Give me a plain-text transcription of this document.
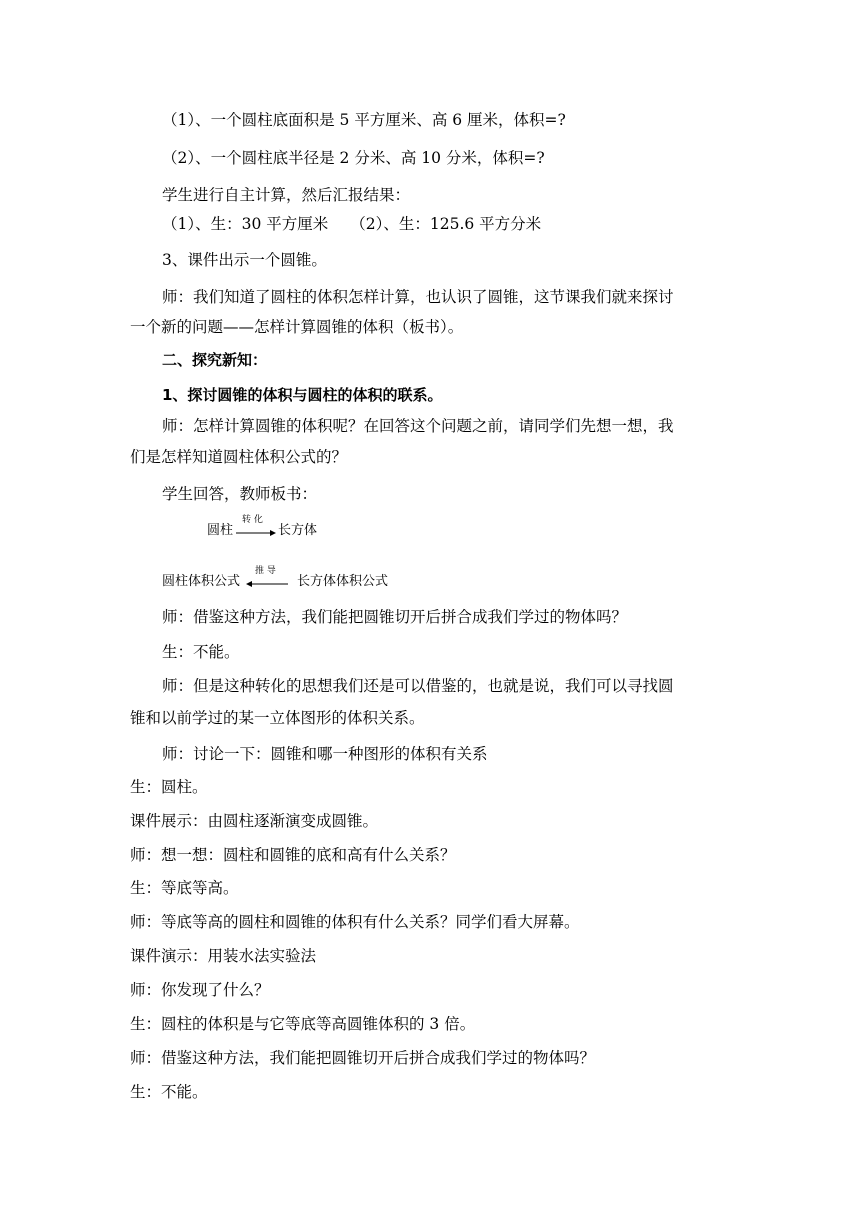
（1）、一个圆柱底面积是 5 平方厘米、高 6 厘米，体积=?
（2）、一个圆柱底半径是 2 分米、高 10 分米，体积=?
学生进行自主计算，然后汇报结果：
（1）、生：30 平方厘米 （2）、生：125.6 平方分米
3、课件出示一个圆锥。
师：我们知道了圆柱的体积怎样计算，也认识了圆锥，这节课我们就来探讨
一个新的问题——怎样计算圆锥的体积（板书）。
二、探究新知：
1、探讨圆锥的体积与圆柱的体积的联系。
师：怎样计算圆锥的体积呢？在回答这个问题之前，请同学们先想一想，我
们是怎样知道圆柱体积公式的？
学生回答，教师板书：
圆柱
转 化
长方体
圆柱体积公式
推 导
长方体体积公式
师：借鉴这种方法，我们能把圆锥切开后拼合成我们学过的物体吗？
生：不能。
师：但是这种转化的思想我们还是可以借鉴的，也就是说，我们可以寻找圆
锥和以前学过的某一立体图形的体积关系。
师：讨论一下：圆锥和哪一种图形的体积有关系
生：圆柱。
课件展示：由圆柱逐渐演变成圆锥。
师：想一想：圆柱和圆锥的底和高有什么关系？
生：等底等高。
师：等底等高的圆柱和圆锥的体积有什么关系？同学们看大屏幕。
课件演示：用装水法实验法
师：你发现了什么？
生：圆柱的体积是与它等底等高圆锥体积的 3 倍。
师：借鉴这种方法，我们能把圆锥切开后拼合成我们学过的物体吗？
生：不能。
